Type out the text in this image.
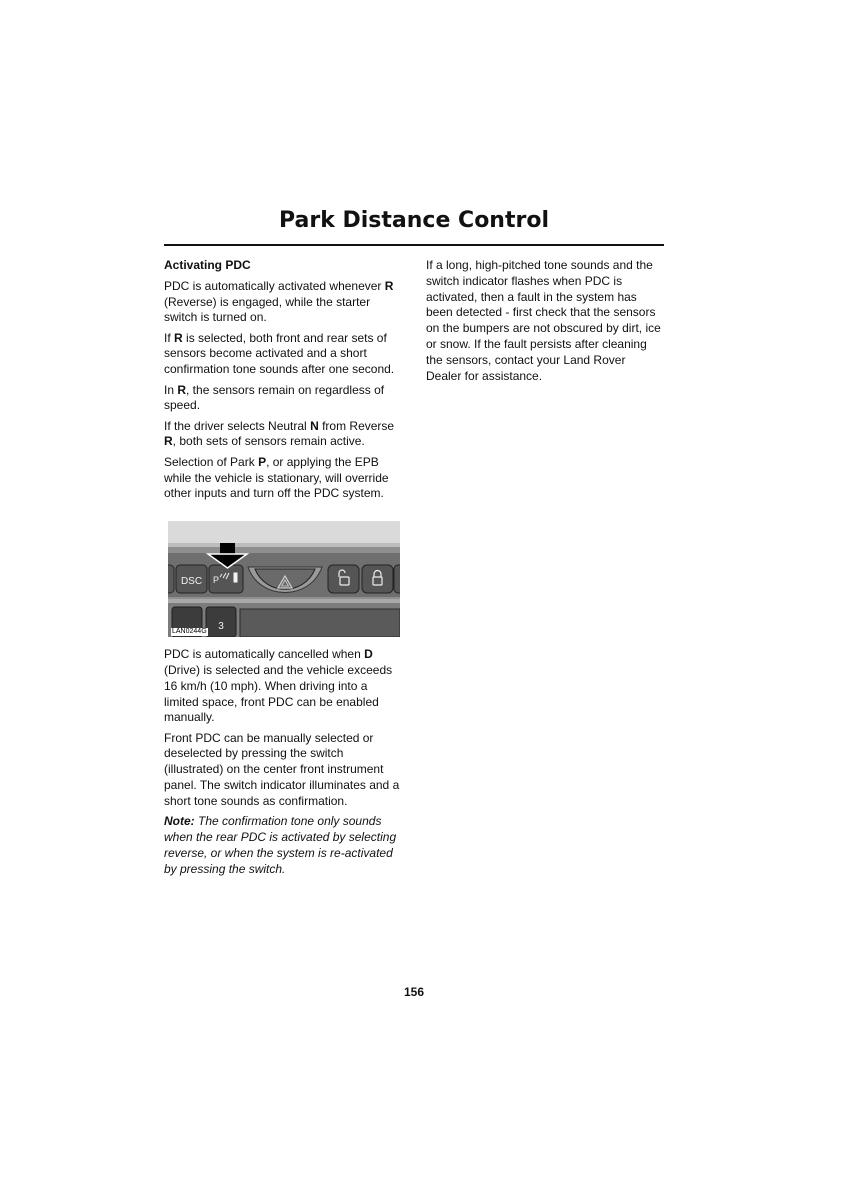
Park Distance Control

Activating PDC

PDC is automatically activated whenever R (Reverse) is engaged, while the starter switch is turned on.

If R is selected, both front and rear sets of sensors become activated and a short confirmation tone sounds after one second.

In R, the sensors remain on regardless of speed.

If the driver selects Neutral N from Reverse R, both sets of sensors remain active.

Selection of Park P, or applying the EPB while the vehicle is stationary, will override other inputs and turn off the PDC system.

DSC P
3
LAN0244G

PDC is automatically cancelled when D (Drive) is selected and the vehicle exceeds 16 km/h (10 mph). When driving into a limited space, front PDC can be enabled manually.

Front PDC can be manually selected or deselected by pressing the switch (illustrated) on the center front instrument panel. The switch indicator illuminates and a short tone sounds as confirmation.

Note: The confirmation tone only sounds when the rear PDC is activated by selecting reverse, or when the system is re-activated by pressing the switch.

If a long, high-pitched tone sounds and the switch indicator flashes when PDC is activated, then a fault in the system has been detected - first check that the sensors on the bumpers are not obscured by dirt, ice or snow. If the fault persists after cleaning the sensors, contact your Land Rover Dealer for assistance.

156
